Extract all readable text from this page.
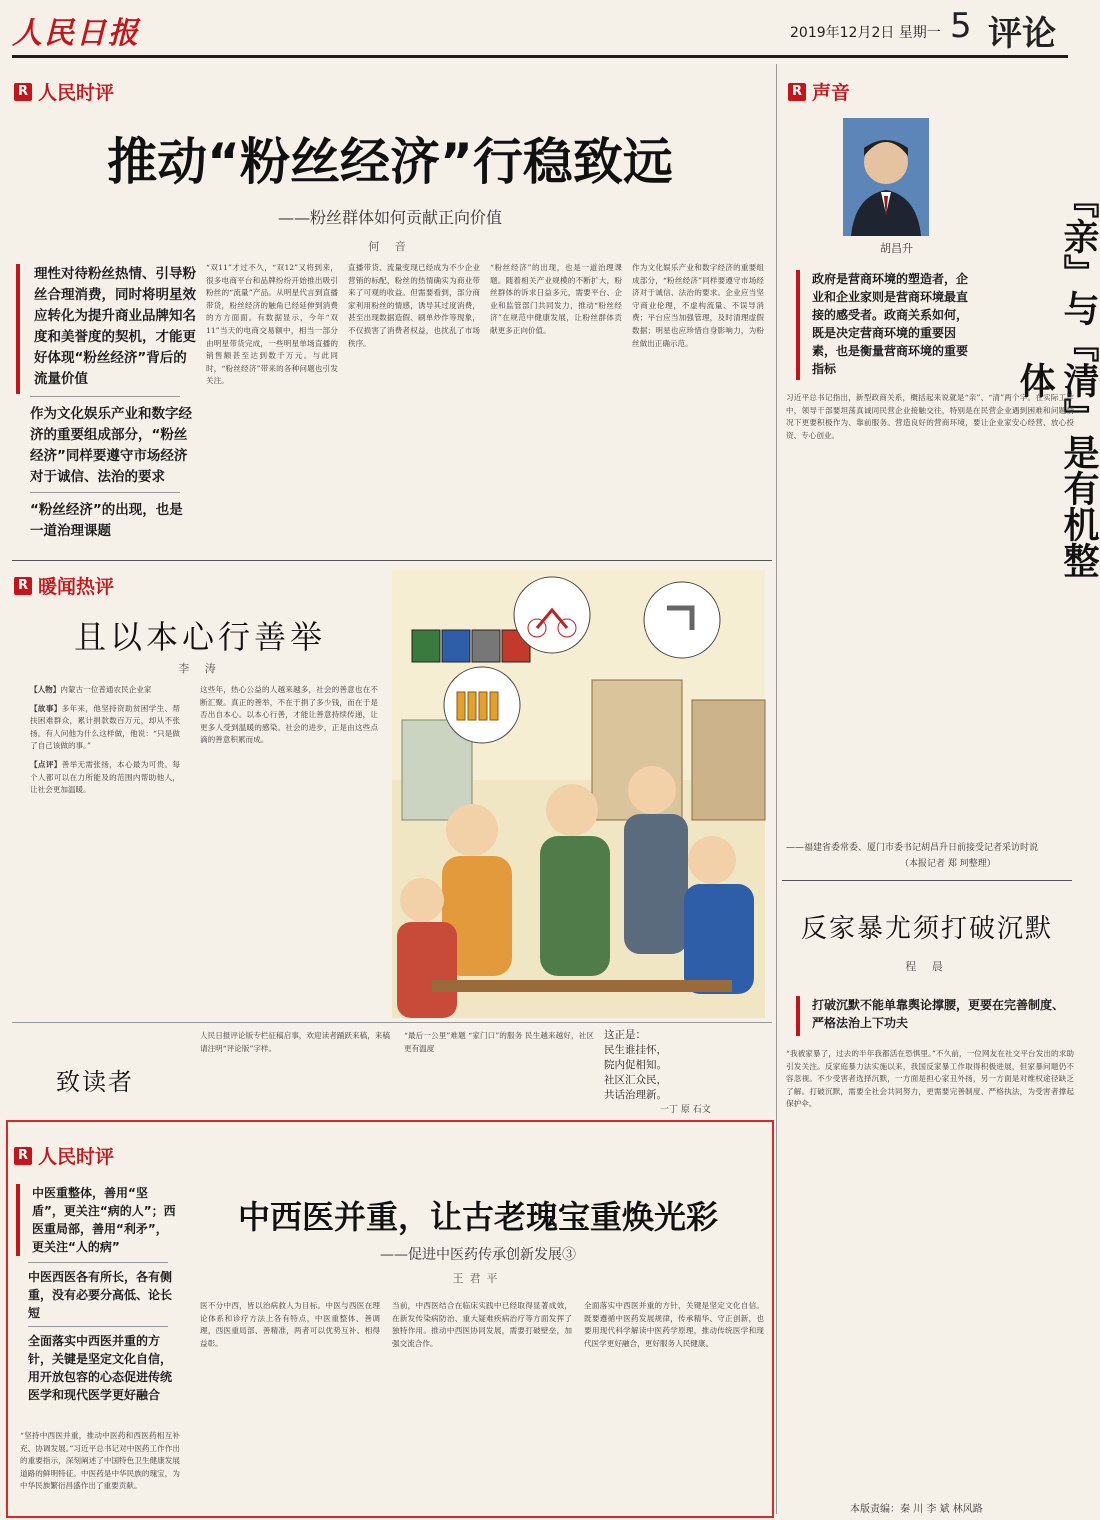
人民日报	2019年12月2日 星期一 5 评论
R 人民时评
推动“粉丝经济”行稳致远
——粉丝群体如何贡献正向价值
何 音
理性对待粉丝热情、引导粉丝合理消费，同时将明星效应转化为提升商业品牌知名度和美誉度的契机，才能更好体现“粉丝经济”背后的流量价值
作为文化娱乐产业和数字经济的重要组成部分，“粉丝经济”同样要遵守市场经济对于诚信、法治的要求
“粉丝经济”的出现，也是一道治理课题
“双11”才过不久，“双12”又将到来，很多电商平台和品牌纷纷开始推出吸引粉丝的“流量”产品。从明星代言到直播带货，粉丝经济的触角已经延伸到消费的方方面面。有数据显示，今年“双11”当天的电商交易额中，相当一部分由明星带货完成，一些明星单场直播的销售额甚至达到数千万元。与此同时，“粉丝经济”带来的各种问题也引发关注。
直播带货、流量变现已经成为不少企业营销的标配，粉丝的热情确实为商业带来了可观的收益。但需要看到，部分商家利用粉丝的情感，诱导其过度消费，甚至出现数据造假、刷单炒作等现象，不仅损害了消费者权益，也扰乱了市场秩序。
“粉丝经济”的出现，也是一道治理课题。随着相关产业规模的不断扩大，粉丝群体的诉求日益多元，需要平台、企业和监管部门共同发力，推动“粉丝经济”在规范中健康发展，让粉丝群体贡献更多正向价值。
作为文化娱乐产业和数字经济的重要组成部分，“粉丝经济”同样要遵守市场经济对于诚信、法治的要求。企业应当坚守商业伦理，不虚构流量、不误导消费；平台应当加强管理，及时清理虚假数据；明星也应珍惜自身影响力，为粉丝做出正确示范。
R 暖闻热评
且以本心行善举
李 涛

【人物】内蒙古一位普通农民企业家

【故事】多年来，他坚持资助贫困学生、帮扶困难群众，累计捐款数百万元，却从不张扬。有人问他为什么这样做，他说：“只是做了自己该做的事。”

【点评】善举无需张扬，本心最为可贵。每个人都可以在力所能及的范围内帮助他人，让社会更加温暖。

这些年，热心公益的人越来越多，社会的善意也在不断汇聚。真正的善举，不在于捐了多少钱，而在于是否出自本心。以本心行善，才能让善意持续传递，让更多人受到温暖的感染。社会的进步，正是由这些点滴的善意积累而成。
致读者
人民日报评论版专栏征稿启事，欢迎读者踊跃来稿，来稿请注明“评论版”字样。
“最后一公里”难题 “家门口”的服务 民生越来越好，社区更有温度
这正是：
民生谁挂怀，
院内促相知。
社区汇众民，
共话治理新。
一丁 原 石文
R 人民时评
中西医并重，让古老瑰宝重焕光彩
——促进中医药传承创新发展③
王君平
中医重整体，善用“坚盾”，更关注“病的人”；西医重局部，善用“利矛”，更关注“人的病”
中医西医各有所长，各有侧重，没有必要分高低、论长短
全面落实中西医并重的方针，关键是坚定文化自信，用开放包容的心态促进传统医学和现代医学更好融合
“坚持中西医并重，推动中医药和西医药相互补充、协调发展。”习近平总书记对中医药工作作出的重要指示，深刻阐述了中国特色卫生健康发展道路的鲜明特征。中医药是中华民族的瑰宝，为中华民族繁衍昌盛作出了重要贡献。
医不分中西，皆以治病救人为目标。中医与西医在理论体系和诊疗方法上各有特点，中医重整体、善调理，西医重局部、善精准，两者可以优势互补、相得益彰。
当前，中西医结合在临床实践中已经取得显著成效，在新发传染病防治、重大疑难疾病治疗等方面发挥了独特作用。推动中西医协同发展，需要打破壁垒，加强交流合作。
全面落实中西医并重的方针，关键是坚定文化自信。既要遵循中医药发展规律，传承精华、守正创新，也要用现代科学解读中医药学原理，推动传统医学和现代医学更好融合，更好服务人民健康。
R 声音
胡昌升	『亲』与『清』是有机整体
政府是营商环境的塑造者，企业和企业家则是营商环境最直接的感受者。政商关系如何，既是决定营商环境的重要因素，也是衡量营商环境的重要指标
习近平总书记指出，新型政商关系，概括起来说就是“亲”、“清”两个字。在实际工作中，领导干部要坦荡真诚同民营企业接触交往，特别是在民营企业遇到困难和问题情况下更要积极作为、靠前服务。营造良好的营商环境，要让企业家安心经营、放心投资、专心创业。
——福建省委常委、厦门市委书记胡昌升日前接受记者采访时说
（本报记者 郑 珂整理）
反家暴尤须打破沉默
程 晨
打破沉默不能单靠舆论撑腰，更要在完善制度、严格法治上下功夫
“我被家暴了，过去的半年我都活在恐惧里。”不久前，一位网友在社交平台发出的求助引发关注。反家庭暴力法实施以来，我国反家暴工作取得积极进展，但家暴问题仍不容忽视。不少受害者选择沉默，一方面是担心家丑外扬，另一方面是对维权途径缺乏了解。打破沉默，需要全社会共同努力，更需要完善制度、严格执法，为受害者撑起保护伞。
本版责编：秦 川 李 斌 林风路
